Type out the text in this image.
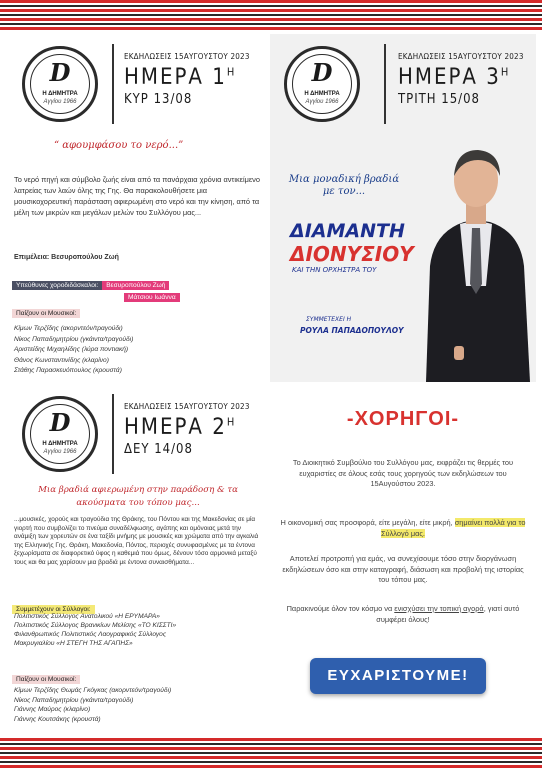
D
Η ΔΗΜΗΤΡΑ
Αγγίου 1966
ΕΚΔΗΛΩΣΕΙΣ 15ΑΥΓΟΥΣΤΟΥ 2023
ΗΜΕΡΑ $1^H$
ΚΥΡ 13/08
“ αφουμφάσου το νερό...”
Το νερό πηγή και σύμβολο ζωής είναι από τα πανάρχαια χρόνια αντικείμενο λατρείας των λαών όλης της Γης. Θα παρακολουθήσετε μια μουσικοχορευτική παράσταση αφιερωμένη στο νερό και την κίνηση, από τα μέλη των μικρών και μεγάλων μελών του Συλλόγου μας...
Επιμέλεια: Βεσυροπούλου Ζωή
Υπεύθυνες χοροδιδάσκαλοι: Βεσυροπούλου Ζωή
Μάτσιου Ιωάννα
Παίζουν οι Μουσικοί:
Κίμων Τερζίδης (ακορντεόν/τραγούδι)
Νίκος Παπαδημητρίου (γκάιντα/τραγούδι)
Αριστείδης Μιχαηλίδης (λύρα ποντιακή)
Θάνος Κωνσταντινίδης (κλαρίνο)
Στάθης Παρασκευόπουλος (κρουστά)
D
Η ΔΗΜΗΤΡΑ
Αγγίου 1966
ΕΚΔΗΛΩΣΕΙΣ 15ΑΥΓΟΥΣΤΟΥ 2023
ΗΜΕΡΑ $3^H$
ΤΡΙΤΗ 15/08
Μια μοναδική βραδιά με τον...
ΔΙΑΜΑΝΤΗ
ΔΙΟΝΥΣΙΟΥ
ΚΑΙ ΤΗΝ ΟΡΧΗΣΤΡΑ ΤΟΥ
ΣΥΜΜΕΤΕΧΕΙ Η
ΡΟΥΛΑ ΠΑΠΑΔΟΠΟΥΛΟΥ
D
Η ΔΗΜΗΤΡΑ
Αγγίου 1966
ΕΚΔΗΛΩΣΕΙΣ 15ΑΥΓΟΥΣΤΟΥ 2023
ΗΜΕΡΑ $2^H$
ΔΕΥ 14/08
Μια βραδιά αφιερωμένη στην παράδοση & τα ακούσματα του τόπου μας...
...μουσικές, χορούς και τραγούδια της Θράκης, του Πόντου και της Μακεδονίας σε μία γιορτή που συμβολίζει το πνεύμα συναδέλφωσης, αγάπης και ομόνοιας μετά την ανάμιξη των χορευτών σε ένα ταξίδι μνήμης με μουσικές και χρώματα από την αγκαλιά της Ελληνικής Γης. Θράκη, Μακεδονία, Πόντος, περιοχές συνυφασμένες με τα έντονα ξεχωρίσματα σε διαφορετικό ύφος η καθεμιά που όμως, δένουν τόσο αρμονικά μεταξύ τους και θα μας χαρίσουν μια βραδιά με έντονα συναισθήματα...
Συμμετέχουν οι Σύλλογοι:
Πολιτιστικός Σύλλογος Ανατολικού «Η ΕΡΥΜΑΡΑ»
Πολιτιστικός Σύλλογος Βρανικίων Μελίσης «ΤΟ ΚΙΣΣΤΙ»
Φιλανθρωπικός Πολιτιστικός Λαογραφικός Σύλλογος
Μακρυγιαλίου «Η ΣΤΕΓΗ ΤΗΣ ΑΓΑΠΗΣ»
Παίζουν οι Μουσικοί:
Κίμων Τερζίδης Θωμάς Γκόγκας (ακορντεόν/τραγούδι)
Νίκος Παπαδημητρίου (γκάιντα/τραγούδι)
Γιάννης Μαύρος (κλαρίνο)
Γιάννης Κουτσάκης (κρουστά)
-ΧΟΡΗΓΟΙ-
Το Διοικητικό Συμβούλιο του Συλλόγου μας, εκφράζει τις θερμές του ευχαριστίες σε όλους εσάς τους χορηγούς των εκδηλώσεων του 15Αυγούστου 2023.
Η οικονομική σας προσφορά, είτε μεγάλη, είτε μικρή, σημαίνει πολλά για το Σύλλογό μας.
Αποτελεί προτροπή για εμάς, να συνεχίσουμε τόσο στην διοργάνωση εκδηλώσεων όσο και στην καταγραφή, διάσωση και προβολή της ιστορίας του τόπου μας.
Παρακινούμε όλον τον κόσμο να ενισχύσει την τοπική αγορά, γιατί αυτό συμφέρει όλους!
ΕΥΧΑΡΙΣΤΟΥΜΕ!
